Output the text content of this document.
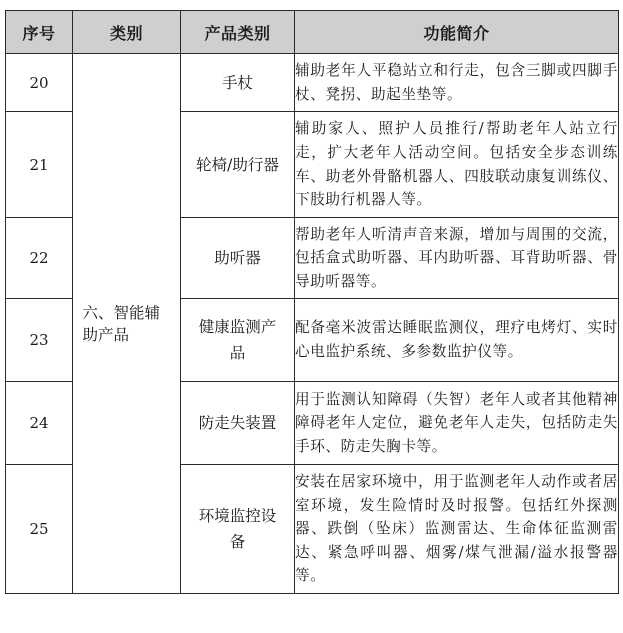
序号	类别	产品类别	功能简介
20	六、智能辅助产品	手杖	辅助老年人平稳站立和行走，包含三脚或四脚手杖、凳拐、助起坐垫等。
21		轮椅/助行器	辅助家人、照护人员推行/帮助老年人站立行走，扩大老年人活动空间。包括安全步态训练车、助老外骨骼机器人、四肢联动康复训练仪、下肢助行机器人等。
22		助听器	帮助老年人听清声音来源，增加与周围的交流，包括盒式助听器、耳内助听器、耳背助听器、骨导助听器等。
23		健康监测产品	配备毫米波雷达睡眠监测仪，理疗电烤灯、实时心电监护系统、多参数监护仪等。
24		防走失装置	用于监测认知障碍（失智）老年人或者其他精神障碍老年人定位，避免老年人走失，包括防走失手环、防走失胸卡等。
25		环境监控设备	安装在居家环境中，用于监测老年人动作或者居室环境，发生险情时及时报警。包括红外探测器、跌倒（坠床）监测雷达、生命体征监测雷达、紧急呼叫器、烟雾/煤气泄漏/溢水报警器等。
